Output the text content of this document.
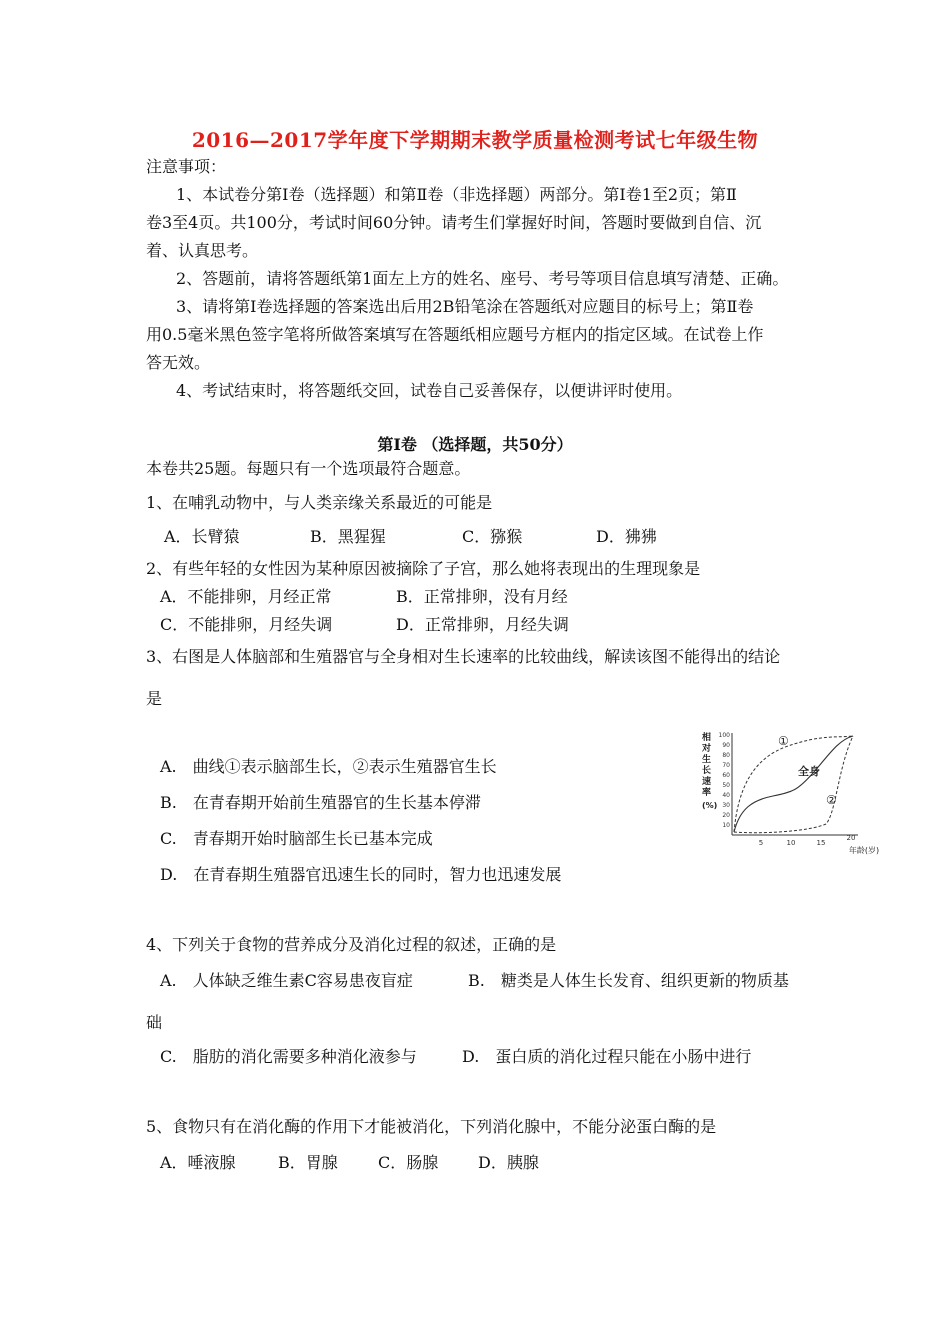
2016—2017学年度下学期期末教学质量检测考试七年级生物
注意事项：
1、本试卷分第Ⅰ卷（选择题）和第Ⅱ卷（非选择题）两部分。第Ⅰ卷1至2页；第Ⅱ
卷3至4页。共100分，考试时间60分钟。请考生们掌握好时间，答题时要做到自信、沉
着、认真思考。
2、答题前，请将答题纸第1面左上方的姓名、座号、考号等项目信息填写清楚、正确。
3、请将第Ⅰ卷选择题的答案选出后用2B铅笔涂在答题纸对应题目的标号上；第Ⅱ卷
用0.5毫米黑色签字笔将所做答案填写在答题纸相应题号方框内的指定区域。在试卷上作
答无效。
4、考试结束时，将答题纸交回，试卷自己妥善保存，以便讲评时使用。
第Ⅰ卷 （选择题，共50分）
本卷共25题。每题只有一个选项最符合题意。
1、在哺乳动物中，与人类亲缘关系最近的可能是
A．长臂猿	B．黑猩猩	C．猕猴	D．狒狒
2、有些年轻的女性因为某种原因被摘除了子宫，那么她将表现出的生理现象是
A．不能排卵，月经正常	B．正常排卵，没有月经
C．不能排卵，月经失调	D．正常排卵，月经失调
3、右图是人体脑部和生殖器官与全身相对生长速率的比较曲线，解读该图不能得出的结论
是
A.　曲线①表示脑部生长，②表示生殖器官生长
B.　在青春期开始前生殖器官的生长基本停滞
C.　青春期开始时脑部生长已基本完成
D.　在青春期生殖器官迅速生长的同时，智力也迅速发展
相
对
生
长
速
率
(%)
100
90
80
70
60
50
40
30
20
10
5	10	15
20
年龄(岁)
①
②
全身
4、下列关于食物的营养成分及消化过程的叙述，正确的是
A.　人体缺乏维生素C容易患夜盲症	B.　糖类是人体生长发育、组织更新的物质基
础
C.　脂肪的消化需要多种消化液参与	D.　蛋白质的消化过程只能在小肠中进行
5、食物只有在消化酶的作用下才能被消化，下列消化腺中，不能分泌蛋白酶的是
A．唾液腺	B．胃腺	C．肠腺 D．胰腺
